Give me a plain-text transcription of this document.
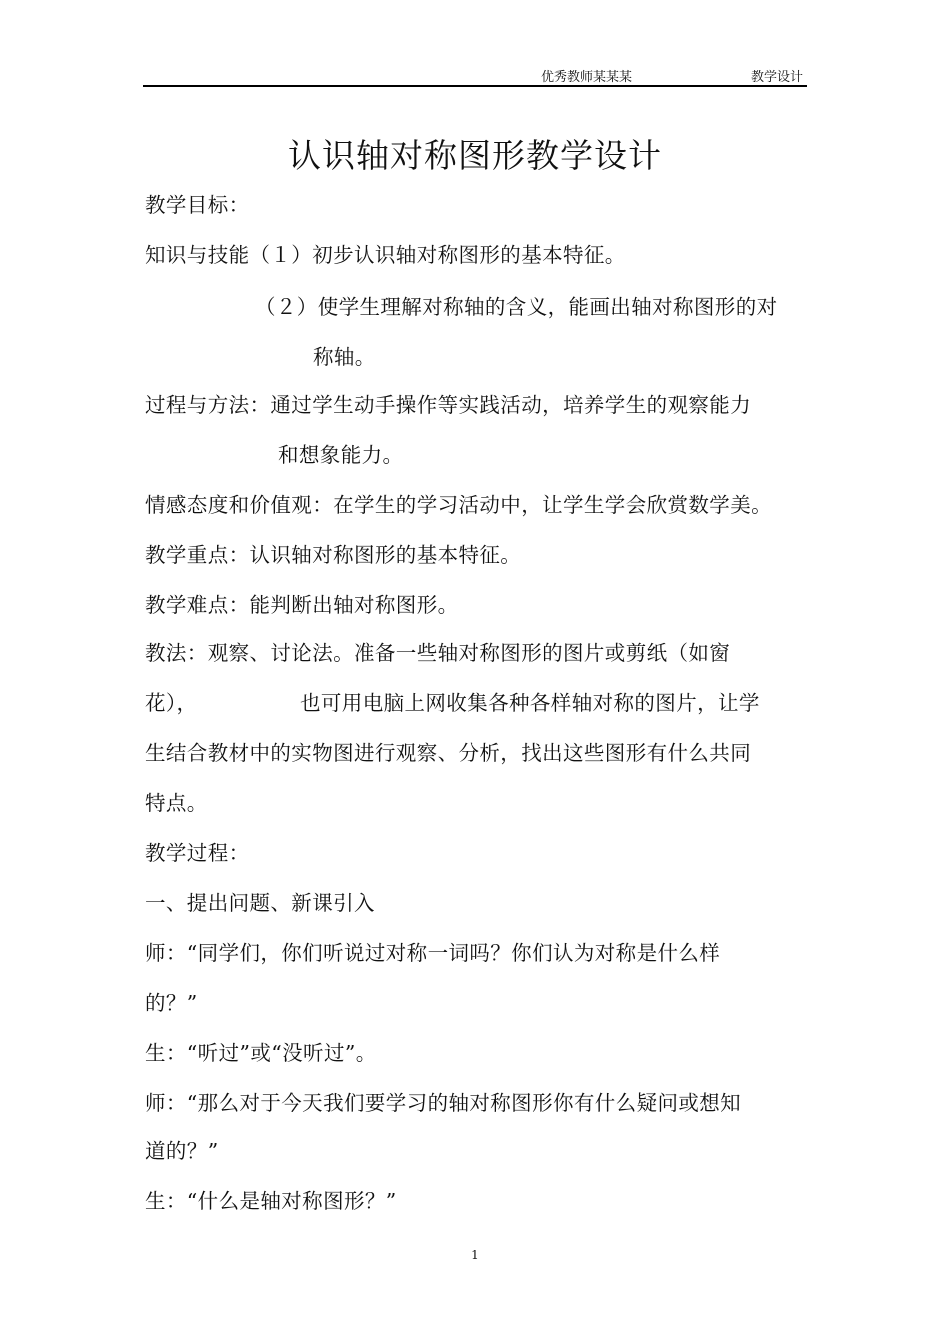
优秀教师某某某	教学设计
认识轴对称图形教学设计
教学目标：
知识与技能（１）初步认识轴对称图形的基本特征。
（２）使学生理解对称轴的含义，能画出轴对称图形的对
称轴。
过程与方法：通过学生动手操作等实践活动，培养学生的观察能力
和想象能力。
情感态度和价值观：在学生的学习活动中，让学生学会欣赏数学美。
教学重点：认识轴对称图形的基本特征。
教学难点：能判断出轴对称图形。
教法：观察、讨论法。准备一些轴对称图形的图片或剪纸（如窗
花），	也可用电脑上网收集各种各样轴对称的图片，让学
生结合教材中的实物图进行观察、分析，找出这些图形有什么共同
特点。
教学过程：
一、提出问题、新课引入
师：“同学们，你们听说过对称一词吗？你们认为对称是什么样
的？”
生：“听过”或“没听过”。
师：“那么对于今天我们要学习的轴对称图形你有什么疑问或想知
道的？”
生：“什么是轴对称图形？”
1
